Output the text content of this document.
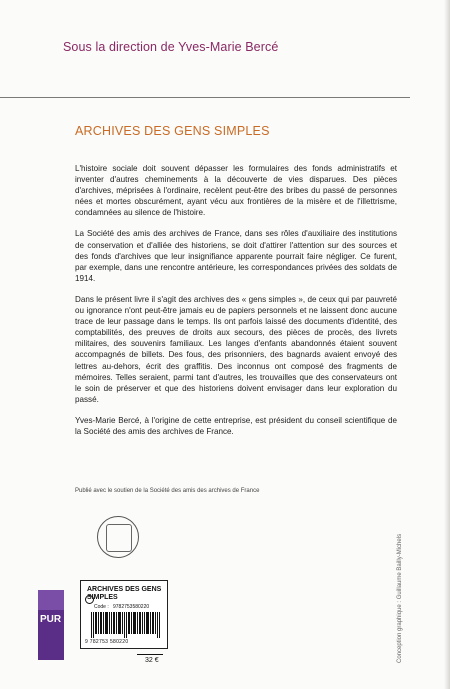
Sous la direction de Yves-Marie Bercé
ARCHIVES DES GENS SIMPLES

L'histoire sociale doit souvent dépasser les formulaires des fonds administratifs et inventer d'autres cheminements à la découverte de vies disparues. Des pièces d'archives, méprisées à l'ordinaire, recèlent peut-être des bribes du passé de personnes nées et mortes obscurément, ayant vécu aux frontières de la misère et de l'illettrisme, condamnées au silence de l'histoire.

La Société des amis des archives de France, dans ses rôles d'auxiliaire des institutions de conservation et d'alliée des historiens, se doit d'attirer l'attention sur des sources et des fonds d'archives que leur insignifiance apparente pourrait faire négliger. Ce furent, par exemple, dans une rencontre antérieure, les correspondances privées des soldats de 1914.

Dans le présent livre il s'agit des archives des « gens simples », de ceux qui par pauvreté ou ignorance n'ont peut-être jamais eu de papiers personnels et ne laissent donc aucune trace de leur passage dans le temps. Ils ont parfois laissé des documents d'identité, des comptabilités, des preuves de droits aux secours, des pièces de procès, des livrets militaires, des souvenirs familiaux. Les langes d'enfants abandonnés étaient souvent accompagnés de billets. Des fous, des prisonniers, des bagnards avaient envoyé des lettres au-dehors, écrit des graffitis. Des inconnus ont composé des fragments de mémoires. Telles seraient, parmi tant d'autres, les trouvailles que des conservateurs ont le soin de préserver et que des historiens doivent envisager dans leur exploration du passé.

Yves-Marie Bercé, à l'origine de cette entreprise, est président du conseil scientifique de la Société des amis des archives de France.

Publié avec le soutien de la Société des amis des archives de France
Conception graphique : Guillaume Bailly-Michels
PUR
ARCHIVES DES GENS SIMPLES
Code : 9782753580220
9 782753 580220
32 €
